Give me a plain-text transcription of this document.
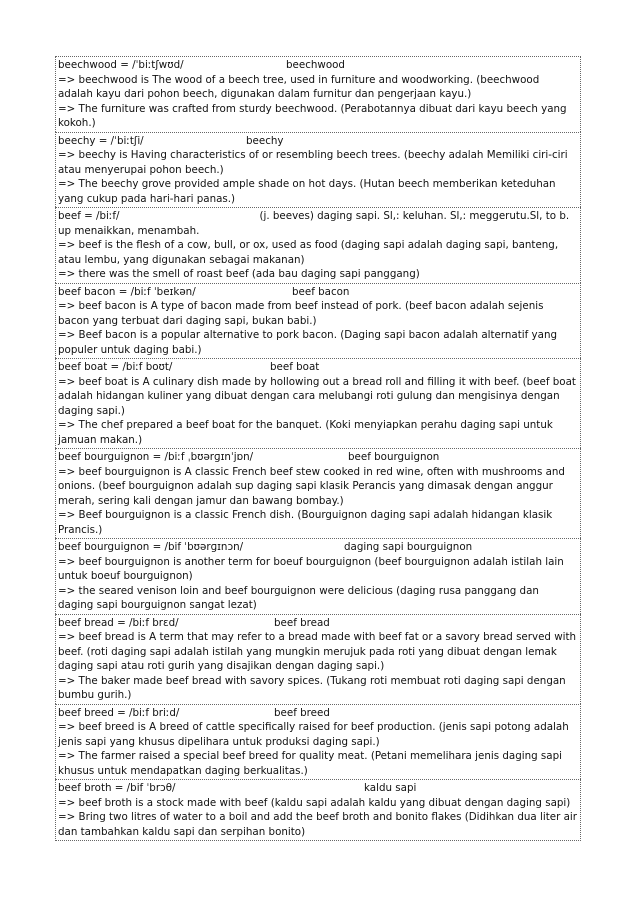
beechwood = /ˈbiːtʃwʊd/	beechwood
=> beechwood is The wood of a beech tree, used in furniture and woodworking. (beechwood adalah kayu dari pohon beech, digunakan dalam furnitur dan pengerjaan kayu.)
=> The furniture was crafted from sturdy beechwood. (Perabotannya dibuat dari kayu beech yang kokoh.)
beechy = /ˈbiːtʃi/	beechy
=> beechy is Having characteristics of or resembling beech trees. (beechy adalah Memiliki ciri-ciri atau menyerupai pohon beech.)
=> The beechy grove provided ample shade on hot days. (Hutan beech memberikan keteduhan yang cukup pada hari-hari panas.)
beef = /biːf/	(j. beeves) daging sapi. Sl,: keluhan. Sl,: meggerutu.Sl, to b. up menaikkan, menambah.
=> beef is the flesh of a cow, bull, or ox, used as food (daging sapi adalah daging sapi, banteng, atau lembu, yang digunakan sebagai makanan)
=> there was the smell of roast beef (ada bau daging sapi panggang)
beef bacon = /biːf ˈbeɪkən/	beef bacon
=> beef bacon is A type of bacon made from beef instead of pork. (beef bacon adalah sejenis bacon yang terbuat dari daging sapi, bukan babi.)
=> Beef bacon is a popular alternative to pork bacon. (Daging sapi bacon adalah alternatif yang populer untuk daging babi.)
beef boat = /biːf boʊt/	beef boat
=> beef boat is A culinary dish made by hollowing out a bread roll and filling it with beef. (beef boat adalah hidangan kuliner yang dibuat dengan cara melubangi roti gulung dan mengisinya dengan daging sapi.)
=> The chef prepared a beef boat for the banquet. (Koki menyiapkan perahu daging sapi untuk jamuan makan.)
beef bourguignon = /biːf ˌbʊərɡɪnˈjɒn/	beef bourguignon
=> beef bourguignon is A classic French beef stew cooked in red wine, often with mushrooms and onions. (beef bourguignon adalah sup daging sapi klasik Perancis yang dimasak dengan anggur merah, sering kali dengan jamur dan bawang bombay.)
=> Beef bourguignon is a classic French dish. (Bourguignon daging sapi adalah hidangan klasik Prancis.)
beef bourguignon = /bif ˈbʊərɡɪnɔn/	daging sapi bourguignon
=> beef bourguignon is another term for boeuf bourguignon (beef bourguignon adalah istilah lain untuk boeuf bourguignon)
=> the seared venison loin and beef bourguignon were delicious (daging rusa panggang dan daging sapi bourguignon sangat lezat)
beef bread = /biːf brɛd/	beef bread
=> beef bread is A term that may refer to a bread made with beef fat or a savory bread served with beef. (roti daging sapi adalah istilah yang mungkin merujuk pada roti yang dibuat dengan lemak daging sapi atau roti gurih yang disajikan dengan daging sapi.)
=> The baker made beef bread with savory spices. (Tukang roti membuat roti daging sapi dengan bumbu gurih.)
beef breed = /biːf briːd/	beef breed
=> beef breed is A breed of cattle specifically raised for beef production. (jenis sapi potong adalah jenis sapi yang khusus dipelihara untuk produksi daging sapi.)
=> The farmer raised a special beef breed for quality meat. (Petani memelihara jenis daging sapi khusus untuk mendapatkan daging berkualitas.)
beef broth = /bif ˈbrɔθ/	kaldu sapi
=> beef broth is a stock made with beef (kaldu sapi adalah kaldu yang dibuat dengan daging sapi)
=> Bring two litres of water to a boil and add the beef broth and bonito flakes (Didihkan dua liter air dan tambahkan kaldu sapi dan serpihan bonito)
